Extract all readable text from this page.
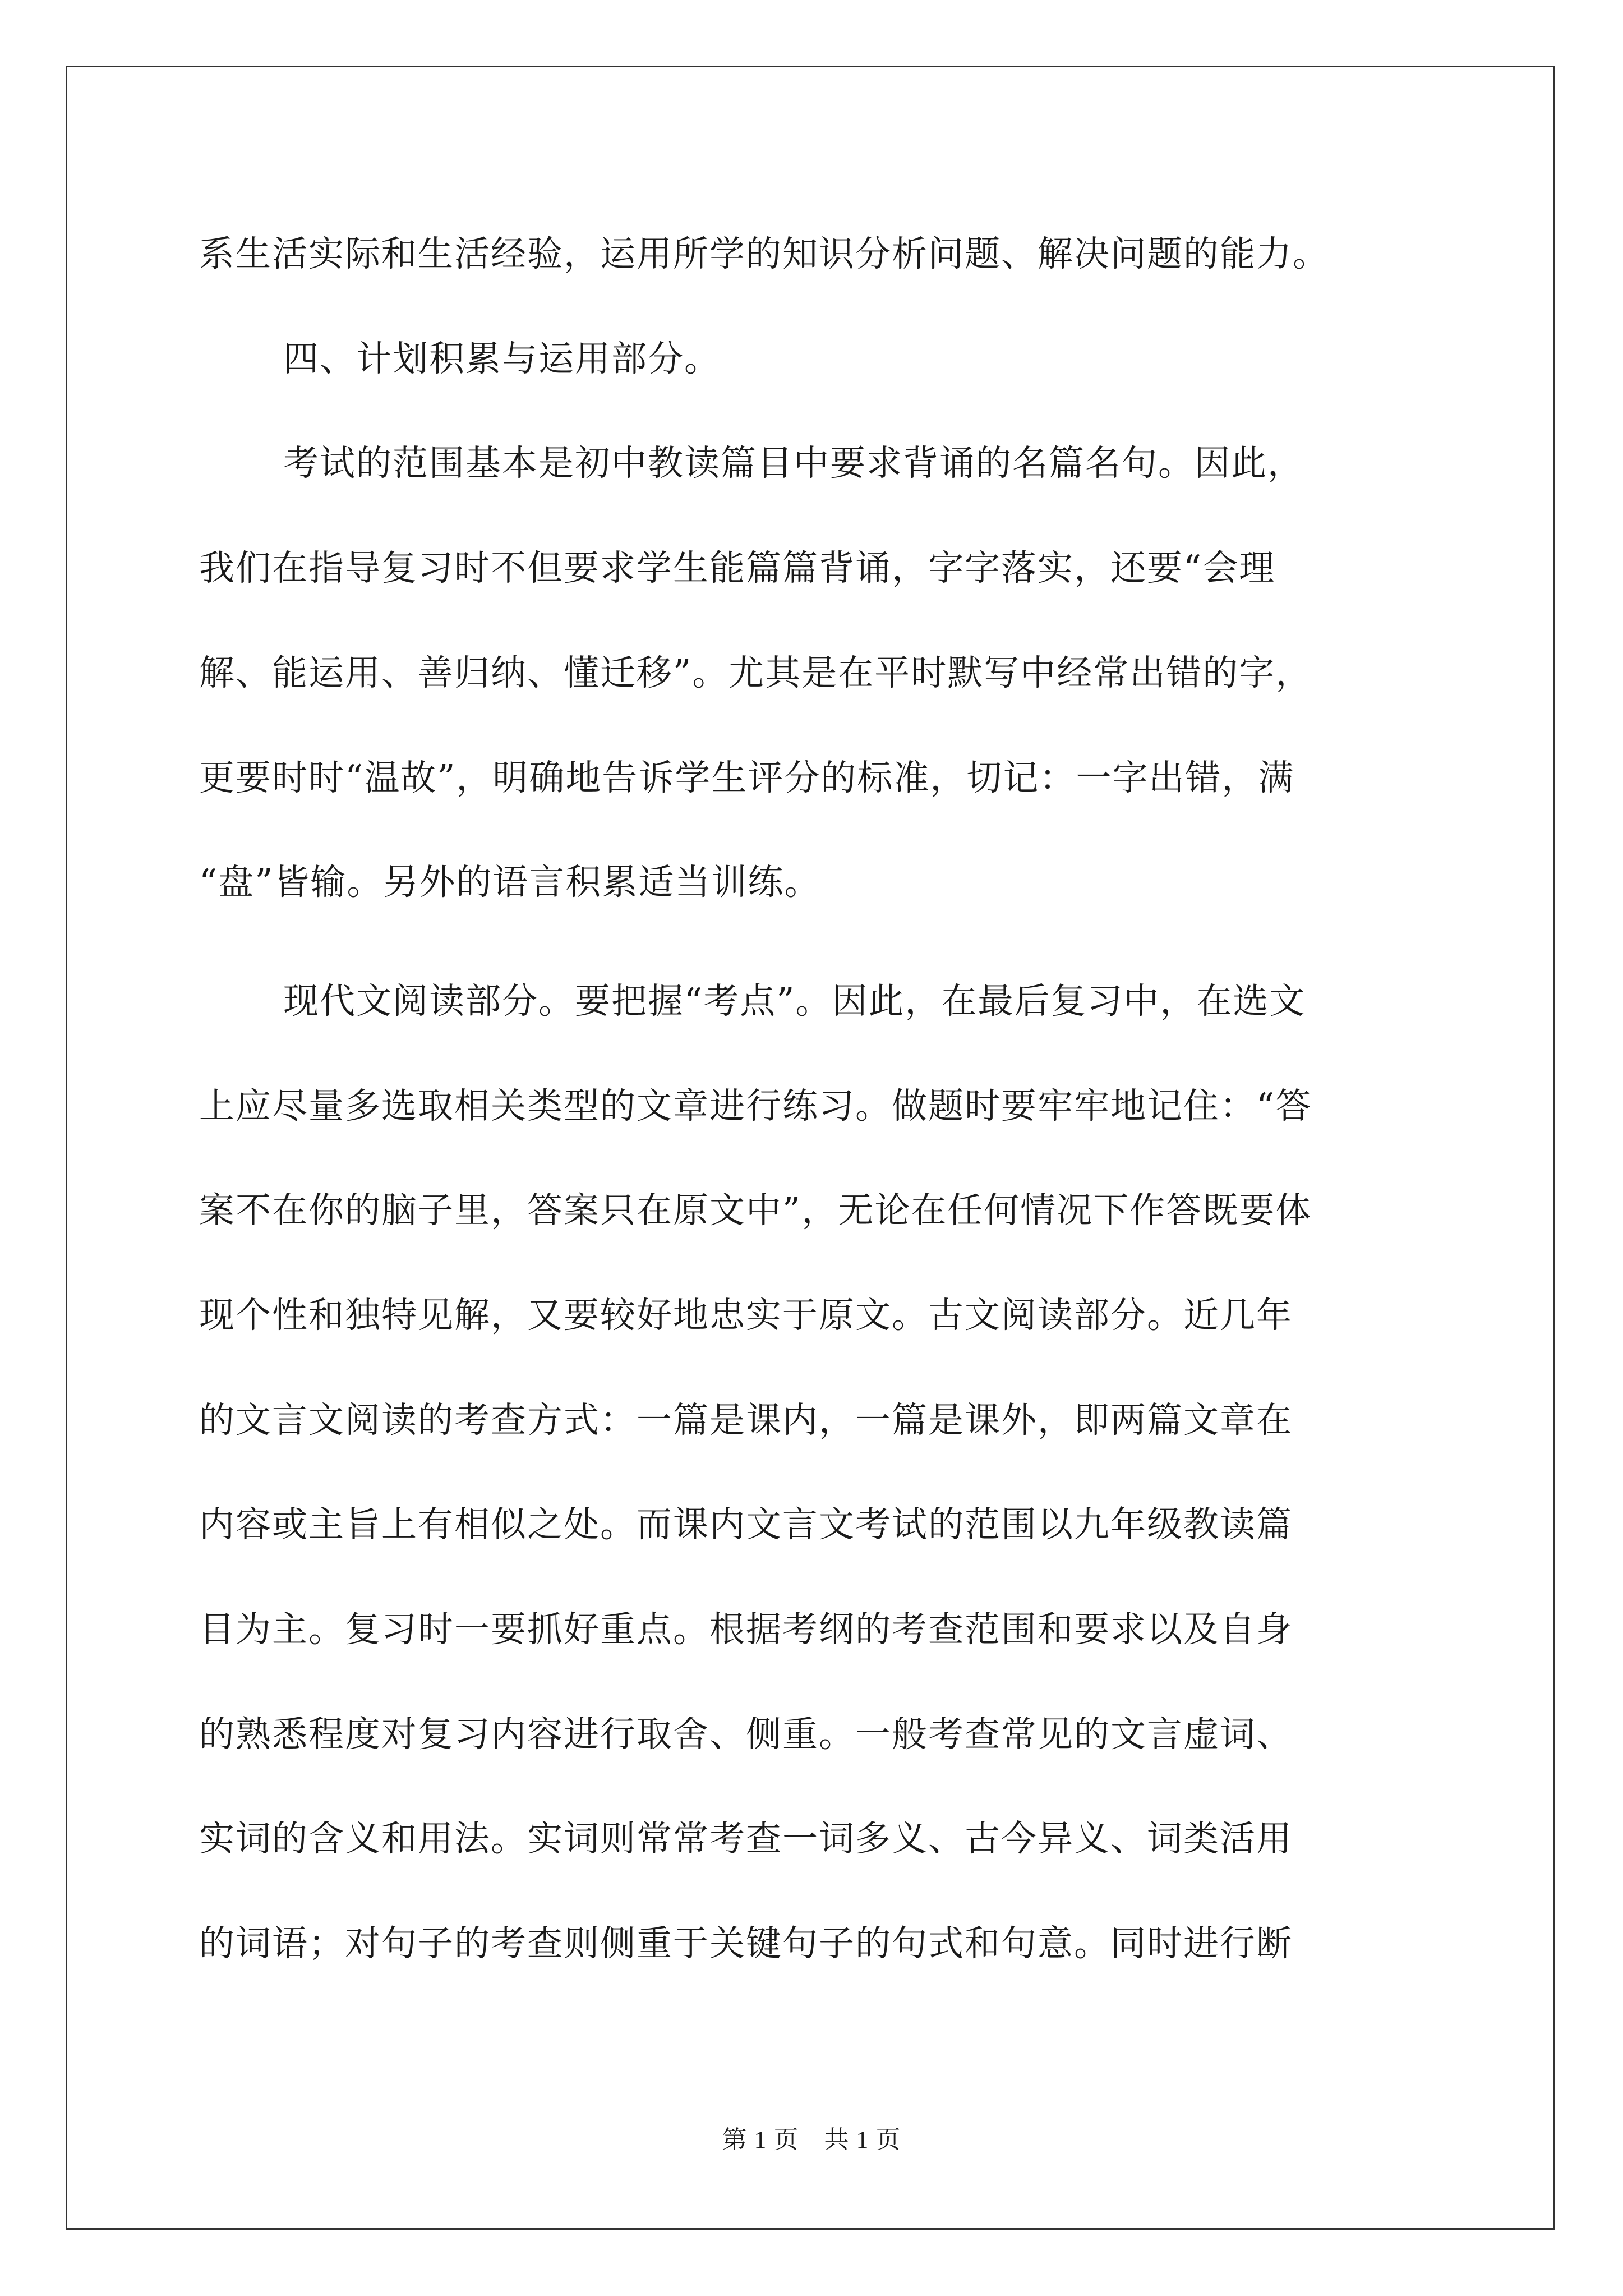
系生活实际和生活经验，运用所学的知识分析问题、解决问题的能力。
四、计划积累与运用部分。
考试的范围基本是初中教读篇目中要求背诵的名篇名句。因此，
我们在指导复习时不但要求学生能篇篇背诵，字字落实，还要“会理
解、能运用、善归纳、懂迁移”。尤其是在平时默写中经常出错的字，
更要时时“温故”，明确地告诉学生评分的标准，切记：一字出错，满
“盘”皆输。另外的语言积累适当训练。
现代文阅读部分。要把握“考点”。因此，在最后复习中，在选文
上应尽量多选取相关类型的文章进行练习。做题时要牢牢地记住：“答
案不在你的脑子里，答案只在原文中”，无论在任何情况下作答既要体
现个性和独特见解，又要较好地忠实于原文。古文阅读部分。近几年
的文言文阅读的考查方式：一篇是课内，一篇是课外，即两篇文章在
内容或主旨上有相似之处。而课内文言文考试的范围以九年级教读篇
目为主。复习时一要抓好重点。根据考纲的考查范围和要求以及自身
的熟悉程度对复习内容进行取舍、侧重。一般考查常见的文言虚词、
实词的含义和用法。实词则常常考查一词多义、古今异义、词类活用
的词语；对句子的考查则侧重于关键句子的句式和句意。同时进行断
第 1 页　共 1 页
